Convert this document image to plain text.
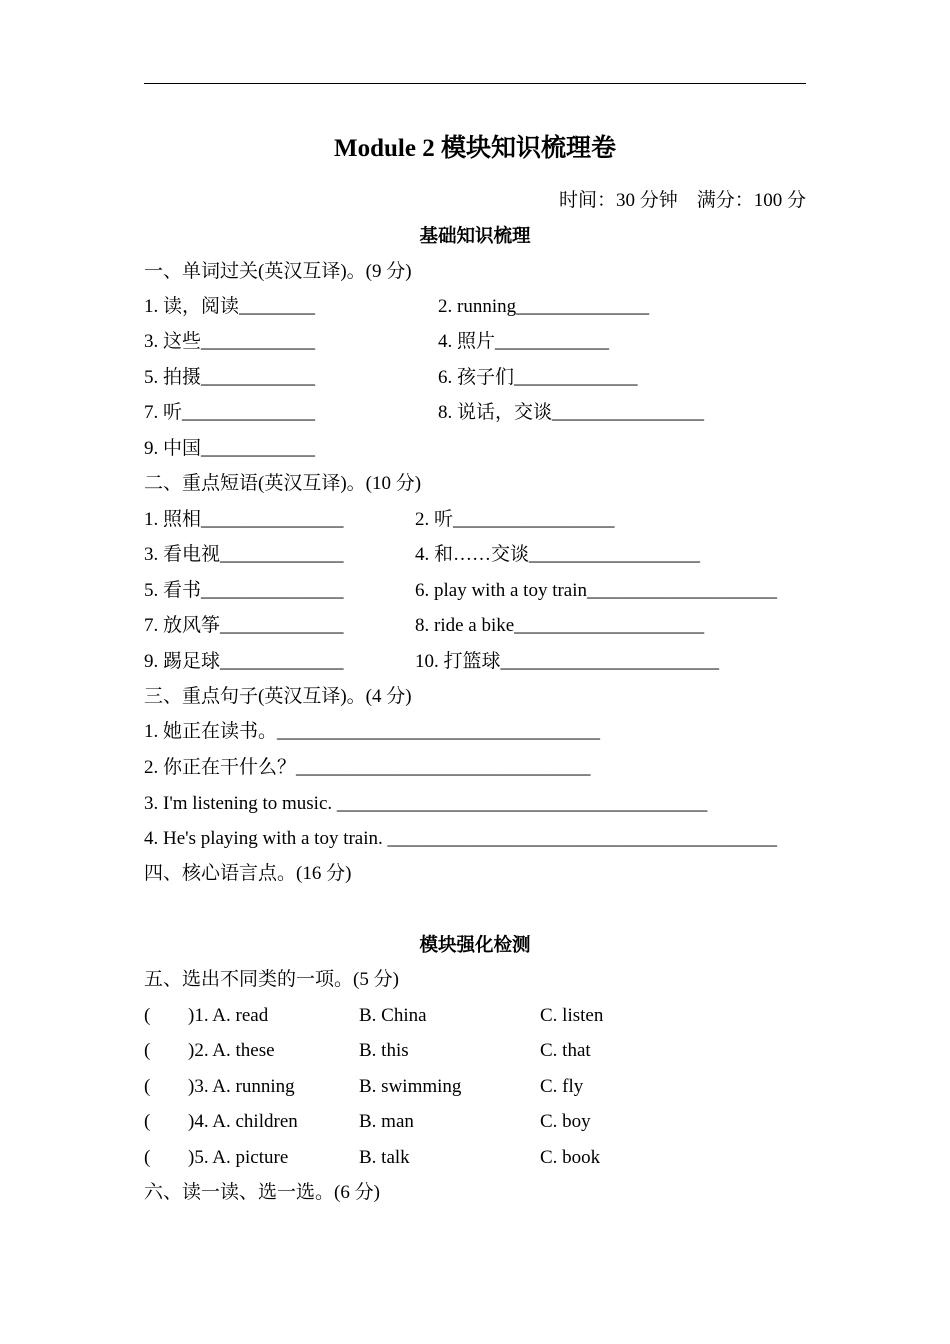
Module 2 模块知识梳理卷
时间：30 分钟    满分：100 分
基础知识梳理
一、单词过关(英汉互译)。(9 分)
1. 读，阅读________	2. running______________
3. 这些____________	4. 照片____________
5. 拍摄____________	6. 孩子们_____________
7. 听______________	8. 说话，交谈________________
9. 中国____________
二、重点短语(英汉互译)。(10 分)
1. 照相_______________	2. 听_________________
3. 看电视_____________	4. 和……交谈__________________
5. 看书_______________	6. play with a toy train____________________
7. 放风筝_____________	8. ride a bike____________________
9. 踢足球_____________	10. 打篮球_______________________
三、重点句子(英汉互译)。(4 分)
1. 她正在读书。__________________________________
2. 你正在干什么？_______________________________
3. I'm listening to music. _______________________________________
4. He's playing with a toy train. _________________________________________
四、核心语言点。(16 分)
模块强化检测
五、选出不同类的一项。(5 分)
( )1. A. read	B. China	C. listen
( )2. A. these	B. this	C. that
( )3. A. running	B. swimming	C. fly
( )4. A. children	B. man	C. boy
( )5. A. picture	B. talk	C. book
六、读一读、选一选。(6 分)
